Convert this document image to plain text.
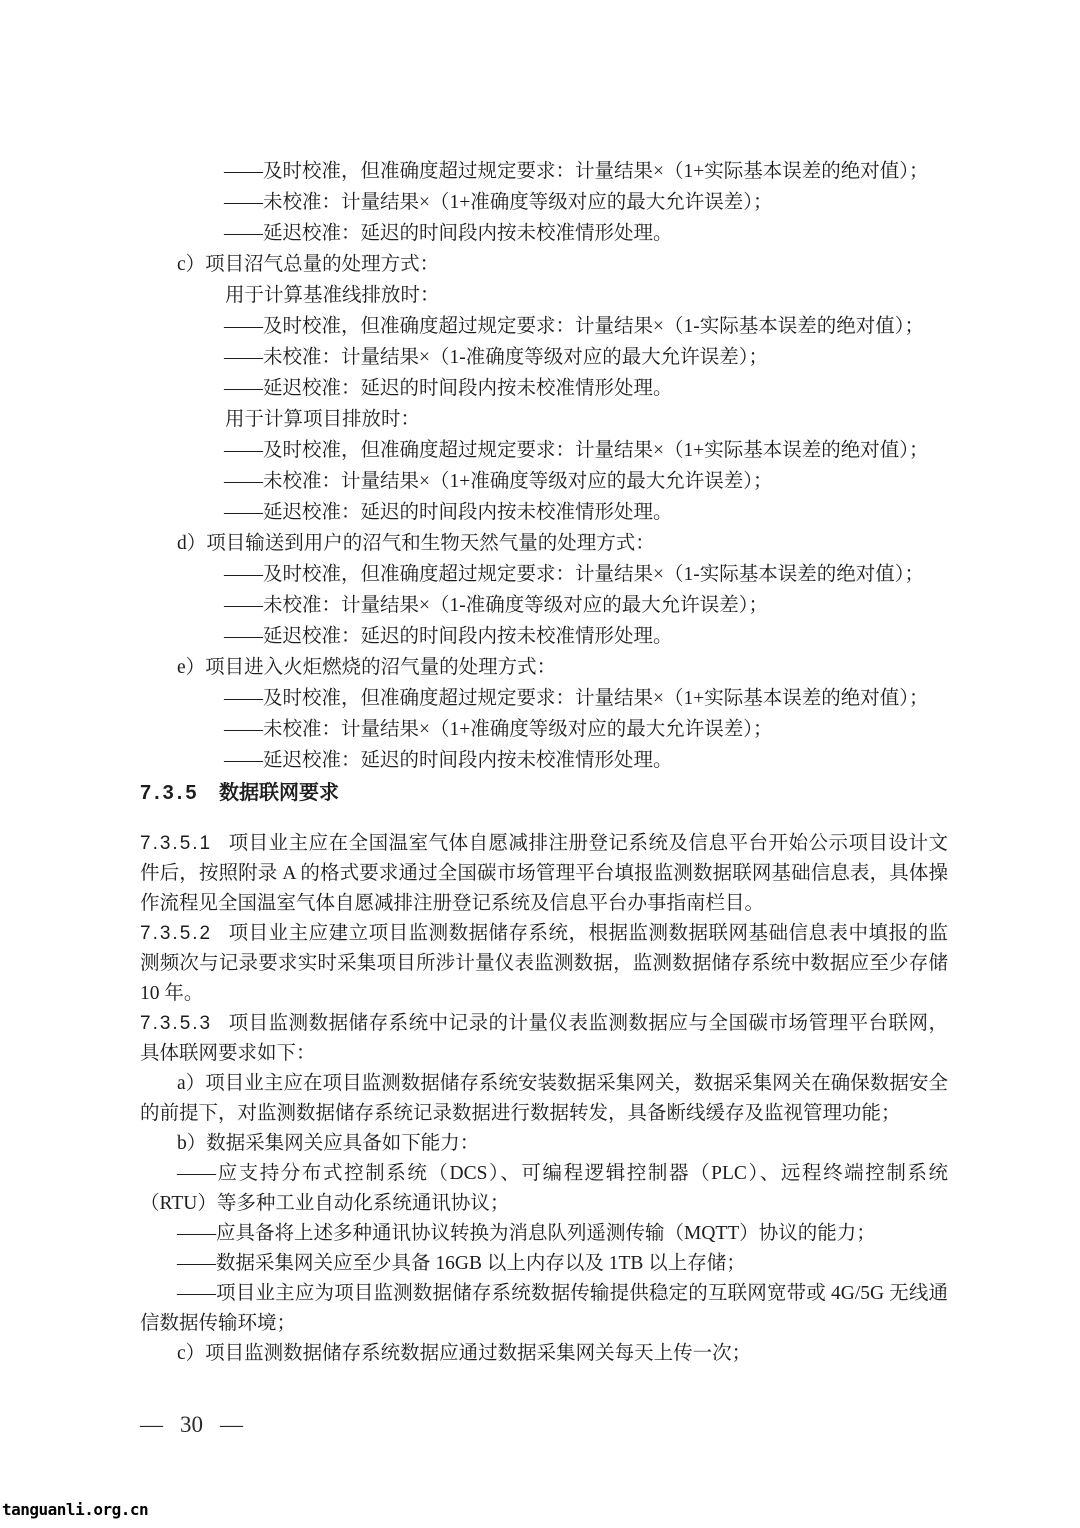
——及时校准，但准确度超过规定要求：计量结果×（1+实际基本误差的绝对值）；
——未校准：计量结果×（1+准确度等级对应的最大允许误差）；
——延迟校准：延迟的时间段内按未校准情形处理。
c）项目沼气总量的处理方式：
用于计算基准线排放时：
——及时校准，但准确度超过规定要求：计量结果×（1-实际基本误差的绝对值）；
——未校准：计量结果×（1-准确度等级对应的最大允许误差）；
——延迟校准：延迟的时间段内按未校准情形处理。
用于计算项目排放时：
——及时校准，但准确度超过规定要求：计量结果×（1+实际基本误差的绝对值）；
——未校准：计量结果×（1+准确度等级对应的最大允许误差）；
——延迟校准：延迟的时间段内按未校准情形处理。
d）项目输送到用户的沼气和生物天然气量的处理方式：
——及时校准，但准确度超过规定要求：计量结果×（1-实际基本误差的绝对值）；
——未校准：计量结果×（1-准确度等级对应的最大允许误差）；
——延迟校准：延迟的时间段内按未校准情形处理。
e）项目进入火炬燃烧的沼气量的处理方式：
——及时校准，但准确度超过规定要求：计量结果×（1+实际基本误差的绝对值）；
——未校准：计量结果×（1+准确度等级对应的最大允许误差）；
——延迟校准：延迟的时间段内按未校准情形处理。
7.3.5 数据联网要求

7.3.5.1 项目业主应在全国温室气体自愿减排注册登记系统及信息平台开始公示项目设计文件后，按照附录 A 的格式要求通过全国碳市场管理平台填报监测数据联网基础信息表，具体操作流程见全国温室气体自愿减排注册登记系统及信息平台办事指南栏目。

7.3.5.2 项目业主应建立项目监测数据储存系统，根据监测数据联网基础信息表中填报的监测频次与记录要求实时采集项目所涉计量仪表监测数据，监测数据储存系统中数据应至少存储 10 年。

7.3.5.3 项目监测数据储存系统中记录的计量仪表监测数据应与全国碳市场管理平台联网，具体联网要求如下：

a）项目业主应在项目监测数据储存系统安装数据采集网关，数据采集网关在确保数据安全的前提下，对监测数据储存系统记录数据进行数据转发，具备断线缓存及监视管理功能；

b）数据采集网关应具备如下能力：

——应支持分布式控制系统（DCS）、可编程逻辑控制器（PLC）、远程终端控制系统（RTU）等多种工业自动化系统通讯协议；

——应具备将上述多种通讯协议转换为消息队列遥测传输（MQTT）协议的能力；

——数据采集网关应至少具备 16GB 以上内存以及 1TB 以上存储；

——项目业主应为项目监测数据储存系统数据传输提供稳定的互联网宽带或 4G/5G 无线通信数据传输环境；

c）项目监测数据储存系统数据应通过数据采集网关每天上传一次；

— 30 —
tanguanli.org.cn
